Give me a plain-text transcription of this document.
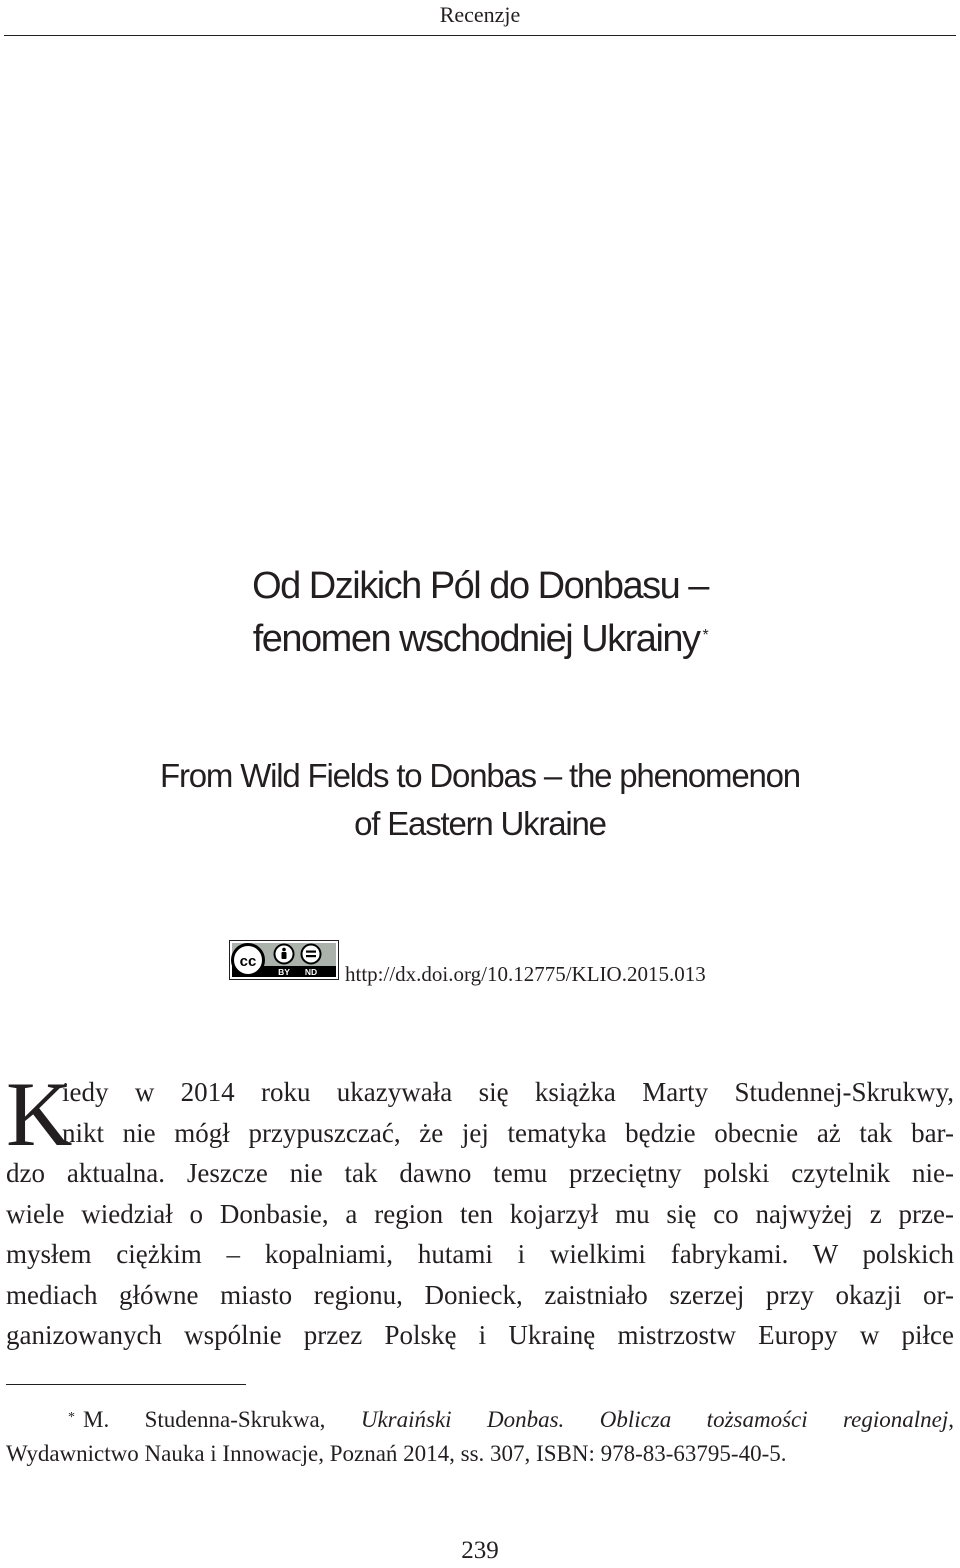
Recenzje
Od Dzikich Pól do Donbasu –
fenomen wschodniej Ukrainy *
From Wild Fields to Donbas – the phenomenon
of Eastern Ukraine
cc
BY ND http://dx.doi.org/10.12775/KLIO.2015.013
K
iedy w 2014 roku ukazywała się książka Marty Studennej-Skrukwy,
nikt nie mógł przypuszczać, że jej tematyka będzie obecnie aż tak bar-
dzo aktualna. Jeszcze nie tak dawno temu przeciętny polski czytelnik nie-
wiele wiedział o Donbasie, a region ten kojarzył mu się co najwyżej z prze-
mysłem ciężkim – kopalniami, hutami i wielkimi fabrykami. W polskich
mediach główne miasto regionu, Donieck, zaistniało szerzej przy okazji or-
ganizowanych wspólnie przez Polskę i Ukrainę mistrzostw Europy w piłce
* M. Studenna-Skrukwa, Ukraiński Donbas. Oblicza tożsamości regionalnej,
Wydawnictwo Nauka i Innowacje, Poznań 2014, ss. 307, ISBN: 978-83-63795-40-5.
239
